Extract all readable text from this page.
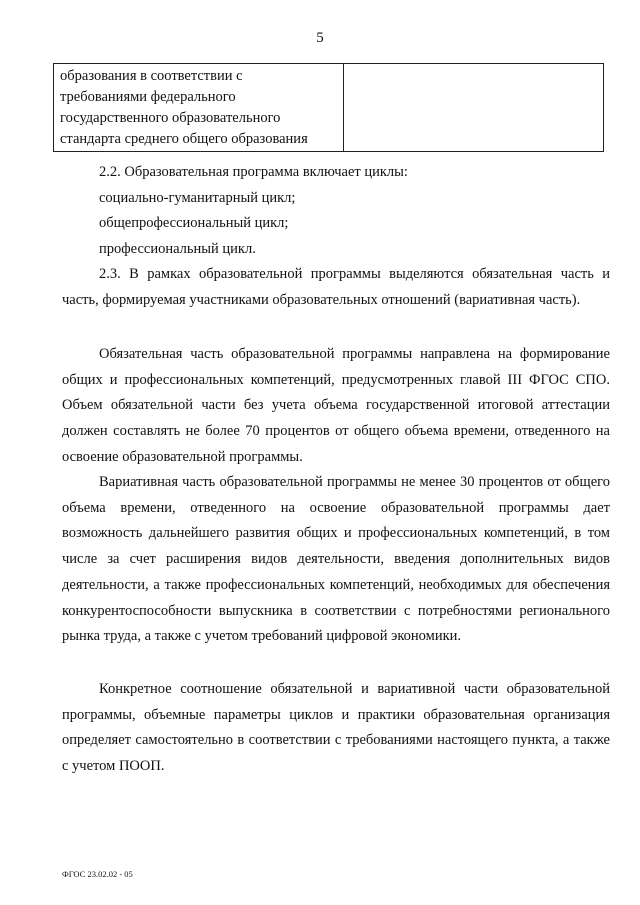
5
образования в соответствии с
требованиями федерального
государственного образовательного
стандарта среднего общего образования

2.2. Образовательная программа включает циклы:

социально-гуманитарный цикл;

общепрофессиональный цикл;

профессиональный цикл.

2.3. В рамках образовательной программы выделяются обязательная часть и часть, формируемая участниками образовательных отношений (вариативная часть).

Обязательная часть образовательной программы направлена на формирование общих и профессиональных компетенций, предусмотренных главой III ФГОС СПО. Объем обязательной части без учета объема государственной итоговой аттестации должен составлять не более 70 процентов от общего объема времени, отведенного на освоение образовательной программы.

Вариативная часть образовательной программы не менее 30 процентов от общего объема времени, отведенного на освоение образовательной программы дает возможность дальнейшего развития общих и профессиональных компетенций, в том числе за счет расширения видов деятельности, введения дополнительных видов деятельности, а также профессиональных компетенций, необходимых для обеспечения конкурентоспособности выпускника в соответствии с потребностями регионального рынка труда, а также с учетом требований цифровой экономики.

Конкретное соотношение обязательной и вариативной части образовательной программы, объемные параметры циклов и практики образовательная организация определяет самостоятельно в соответствии с требованиями настоящего пункта, а также с учетом ПООП.

ФГОС 23.02.02 - 05
